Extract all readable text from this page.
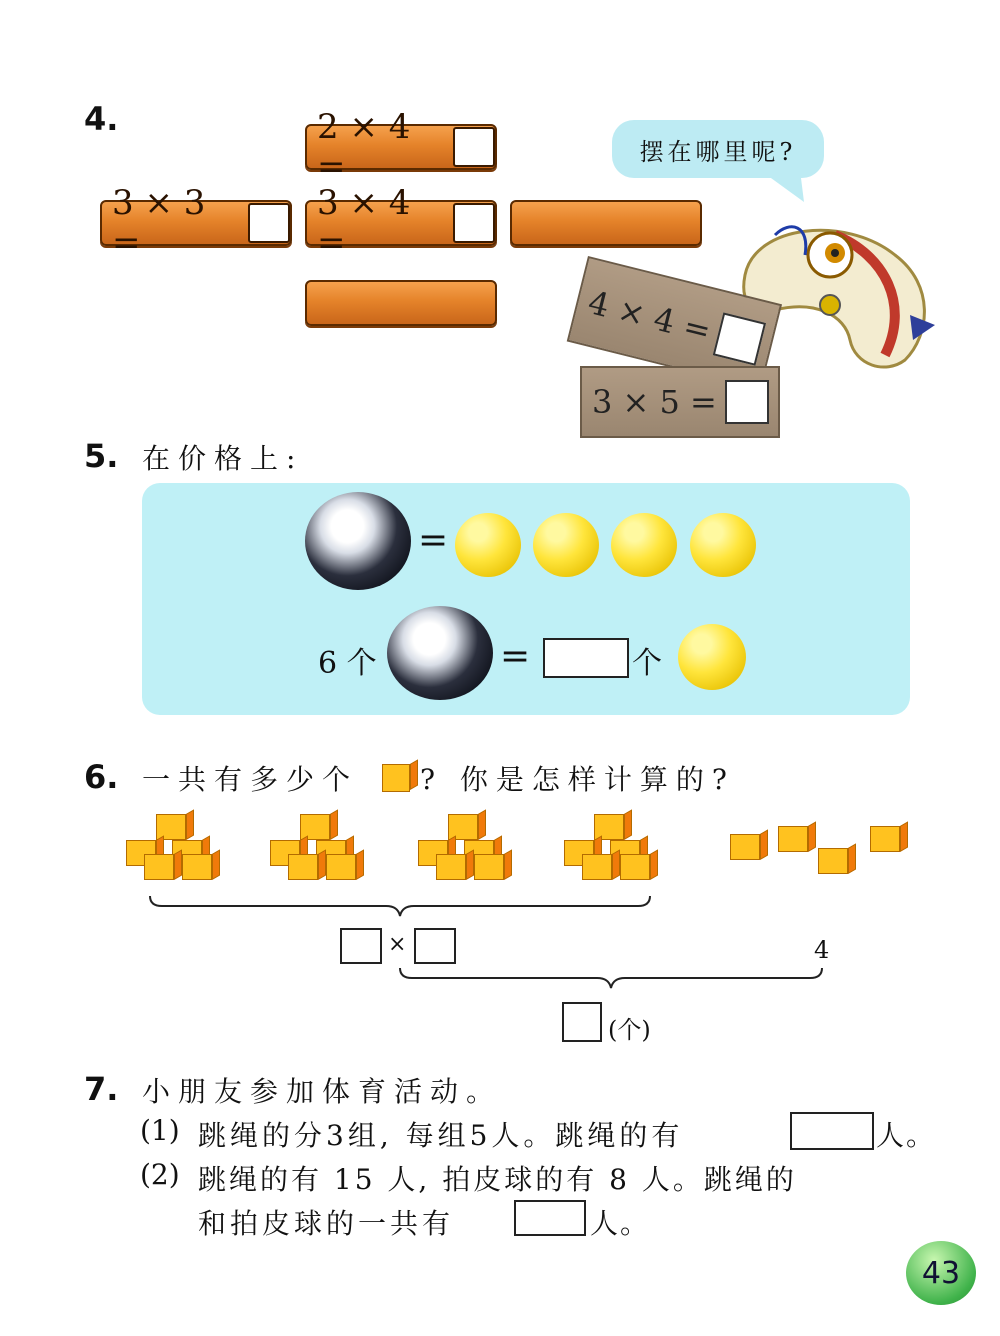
4.	2 × 4 =
3 × 3 =
3 × 4 =
摆在哪里呢?
4 × 4 =
3 × 5 =
5. 在价格上:
=
6 个	=	个
6. 一共有多少个 ? 你是怎样计算的?
×	4
(个)
7. 小朋友参加体育活动。
(1) 跳绳的分3组, 每组5人。跳绳的有	人。
(2) 跳绳的有 15 人, 拍皮球的有 8 人。跳绳的
和拍皮球的一共有	人。
43
